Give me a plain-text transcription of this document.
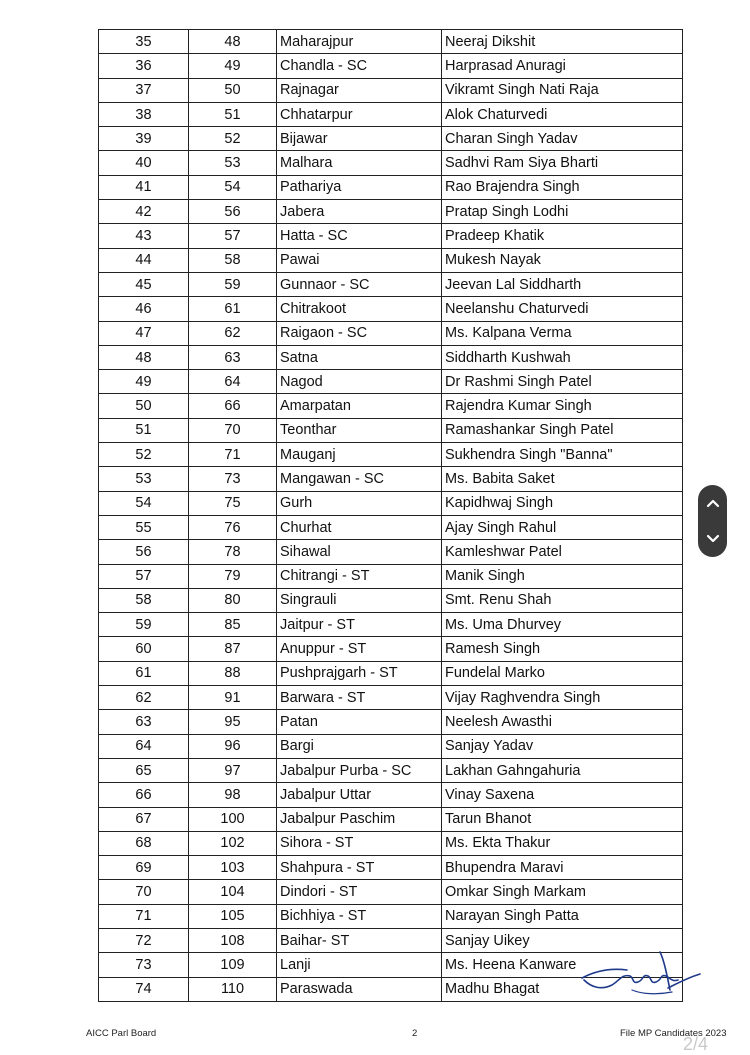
35	48	Maharajpur	Neeraj Dikshit
36	49	Chandla - SC	Harprasad Anuragi
37	50	Rajnagar	Vikramt Singh Nati Raja
38	51	Chhatarpur	Alok Chaturvedi
39	52	Bijawar	Charan Singh Yadav
40	53	Malhara	Sadhvi Ram Siya Bharti
41	54	Pathariya	Rao Brajendra Singh
42	56	Jabera	Pratap Singh Lodhi
43	57	Hatta - SC	Pradeep Khatik
44	58	Pawai	Mukesh Nayak
45	59	Gunnaor - SC	Jeevan Lal Siddharth
46	61	Chitrakoot	Neelanshu Chaturvedi
47	62	Raigaon - SC	Ms. Kalpana Verma
48	63	Satna	Siddharth Kushwah
49	64	Nagod	Dr Rashmi Singh Patel
50	66	Amarpatan	Rajendra Kumar Singh
51	70	Teonthar	Ramashankar Singh Patel
52	71	Mauganj	Sukhendra Singh "Banna"
53	73	Mangawan - SC	Ms. Babita Saket
54	75	Gurh	Kapidhwaj Singh
55	76	Churhat	Ajay Singh Rahul
56	78	Sihawal	Kamleshwar Patel
57	79	Chitrangi - ST	Manik Singh
58	80	Singrauli	Smt. Renu Shah
59	85	Jaitpur - ST	Ms. Uma Dhurvey
60	87	Anuppur - ST	Ramesh Singh
61	88	Pushprajgarh - ST	Fundelal Marko
62	91	Barwara - ST	Vijay Raghvendra Singh
63	95	Patan	Neelesh Awasthi
64	96	Bargi	Sanjay Yadav
65	97	Jabalpur Purba - SC	Lakhan Gahngahuria
66	98	Jabalpur Uttar	Vinay Saxena
67	100	Jabalpur Paschim	Tarun Bhanot
68	102	Sihora - ST	Ms. Ekta Thakur
69	103	Shahpura - ST	Bhupendra Maravi
70	104	Dindori - ST	Omkar Singh Markam
71	105	Bichhiya - ST	Narayan Singh Patta
72	108	Baihar- ST	Sanjay Uikey
73	109	Lanji	Ms. Heena Kanware
74	110	Paraswada	Madhu Bhagat
AICC Parl Board	2	File MP Candidates 2023
2/4
